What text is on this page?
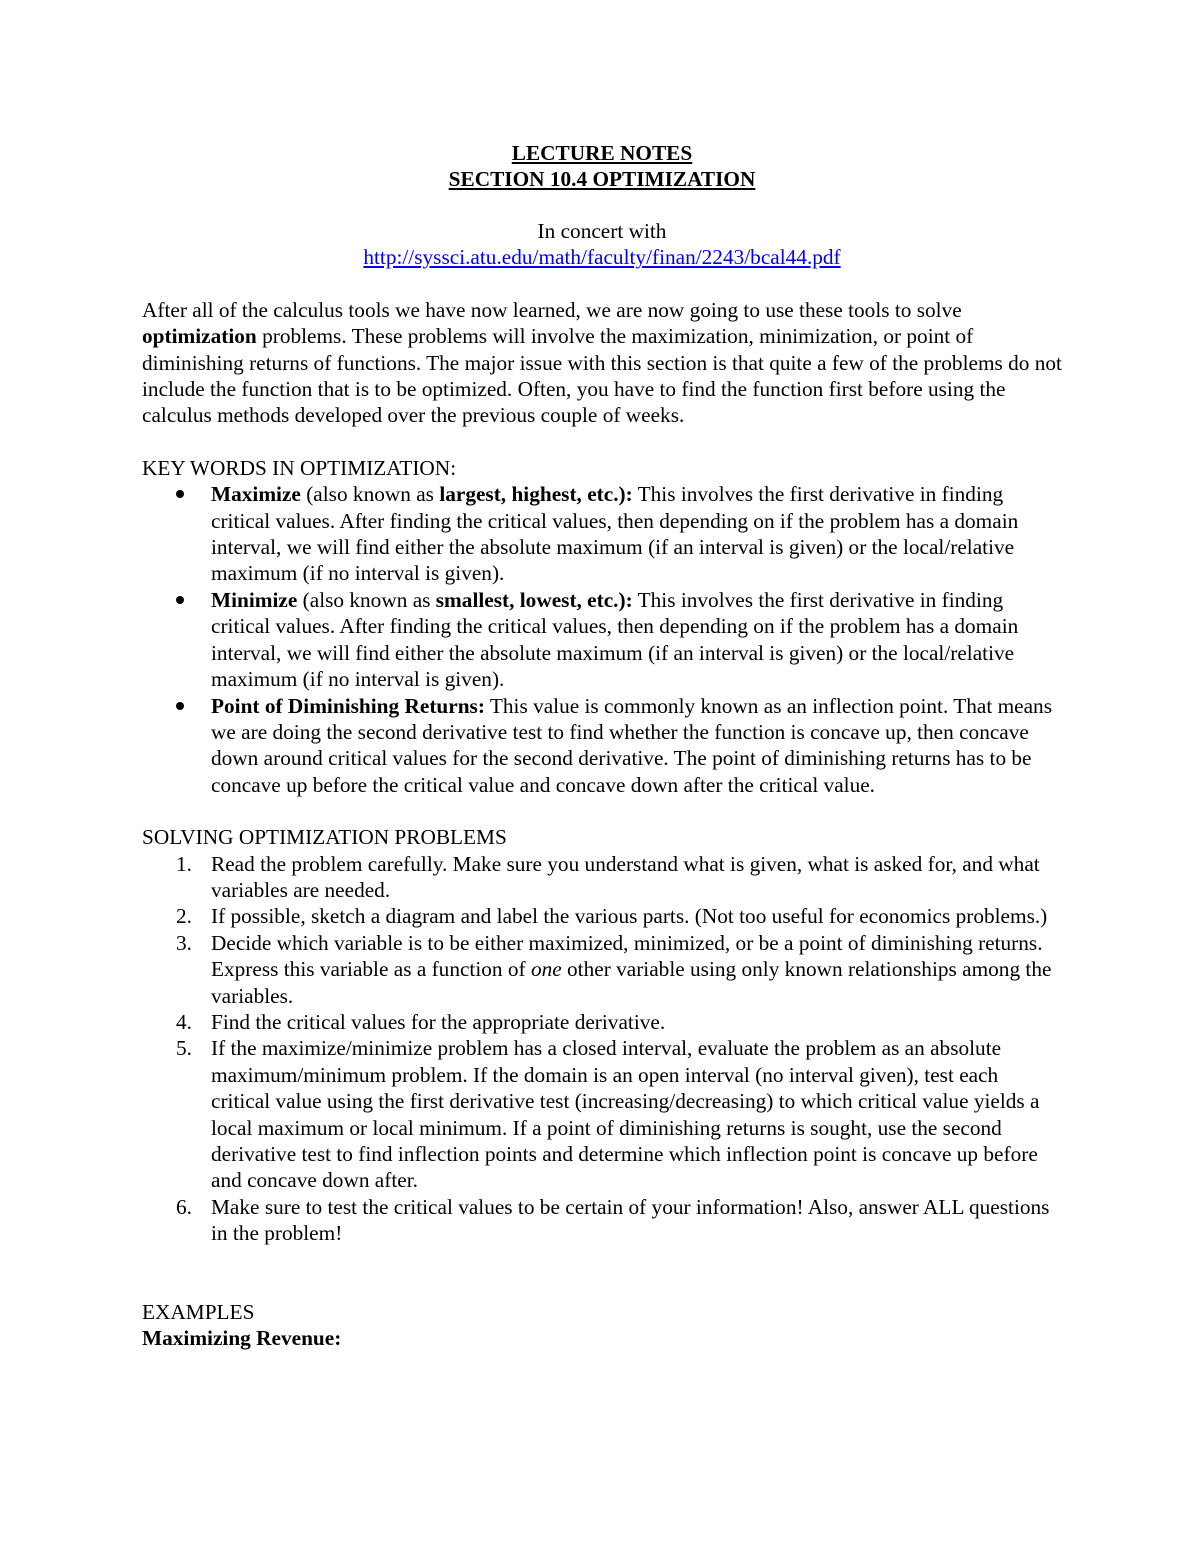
LECTURE NOTES
SECTION 10.4 OPTIMIZATION
In concert with
http://syssci.atu.edu/math/faculty/finan/2243/bcal44.pdf

After all of the calculus tools we have now learned, we are now going to use these tools to solve optimization problems. These problems will involve the maximization, minimization, or point of diminishing returns of functions. The major issue with this section is that quite a few of the problems do not include the function that is to be optimized. Often, you have to find the function first before using the calculus methods developed over the previous couple of weeks.

KEY WORDS IN OPTIMIZATION:

Maximize (also known as largest, highest, etc.): This involves the first derivative in finding critical values. After finding the critical values, then depending on if the problem has a domain interval, we will find either the absolute maximum (if an interval is given) or the local/relative maximum (if no interval is given).
Minimize (also known as smallest, lowest, etc.): This involves the first derivative in finding critical values. After finding the critical values, then depending on if the problem has a domain interval, we will find either the absolute maximum (if an interval is given) or the local/relative maximum (if no interval is given).
Point of Diminishing Returns: This value is commonly known as an inflection point. That means we are doing the second derivative test to find whether the function is concave up, then concave down around critical values for the second derivative. The point of diminishing returns has to be concave up before the critical value and concave down after the critical value.

SOLVING OPTIMIZATION PROBLEMS

1. Read the problem carefully. Make sure you understand what is given, what is asked for, and what variables are needed.
2. If possible, sketch a diagram and label the various parts. (Not too useful for economics problems.)
3. Decide which variable is to be either maximized, minimized, or be a point of diminishing returns. Express this variable as a function of one other variable using only known relationships among the variables.
4. Find the critical values for the appropriate derivative.
5. If the maximize/minimize problem has a closed interval, evaluate the problem as an absolute maximum/minimum problem. If the domain is an open interval (no interval given), test each critical value using the first derivative test (increasing/decreasing) to which critical value yields a local maximum or local minimum. If a point of diminishing returns is sought, use the second derivative test to find inflection points and determine which inflection point is concave up before and concave down after.
6. Make sure to test the critical values to be certain of your information! Also, answer ALL questions in the problem!

EXAMPLES

Maximizing Revenue:
